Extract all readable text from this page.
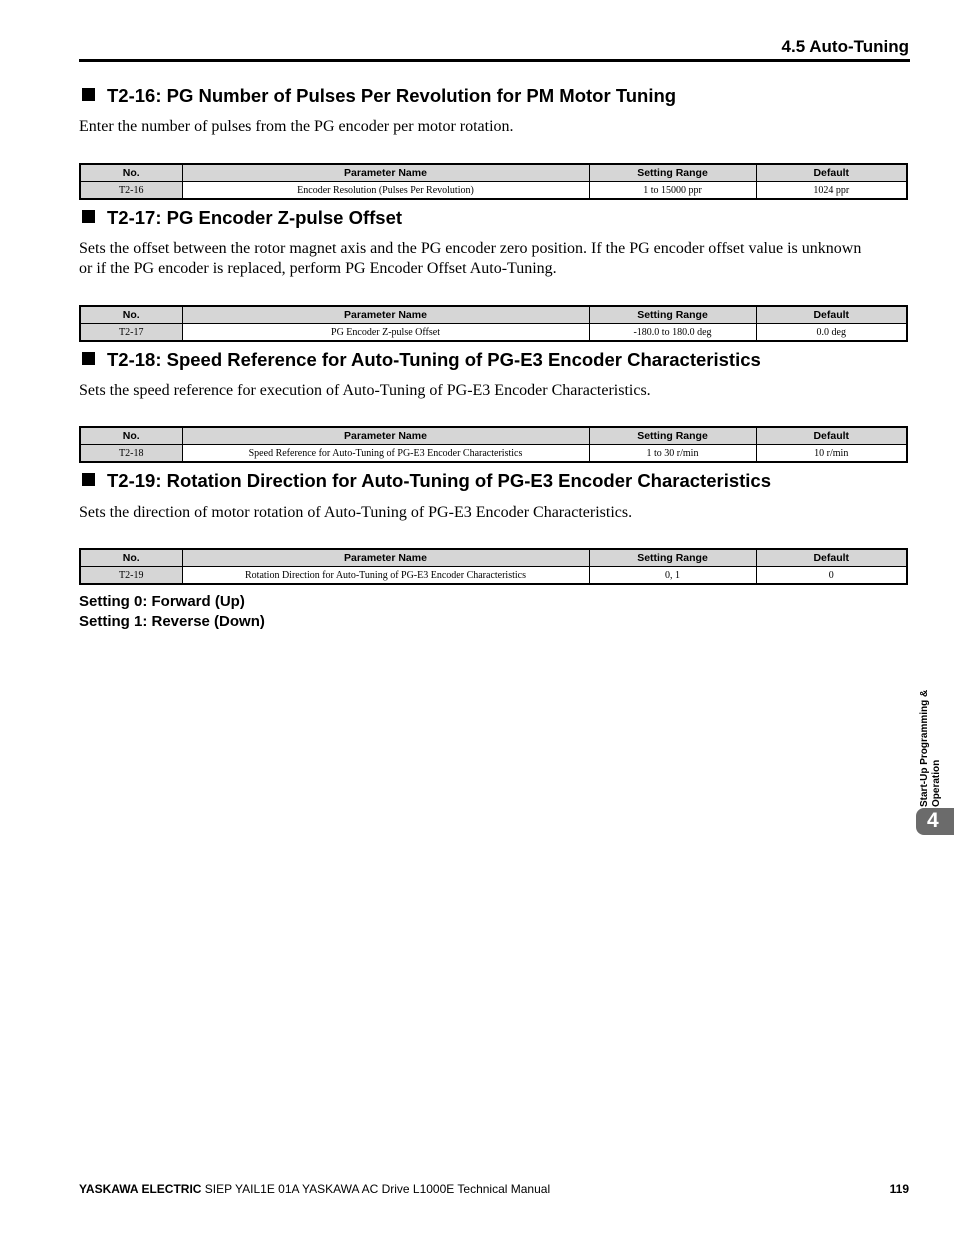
4.5 Auto-Tuning
T2-16: PG Number of Pulses Per Revolution for PM Motor Tuning
Enter the number of pulses from the PG encoder per motor rotation.
No.	Parameter Name	Setting Range	Default
T2-16	Encoder Resolution (Pulses Per Revolution)	1 to 15000 ppr	1024 ppr
T2-17: PG Encoder Z-pulse Offset
Sets the offset between the rotor magnet axis and the PG encoder zero position. If the PG encoder offset value is unknown
or if the PG encoder is replaced, perform PG Encoder Offset Auto-Tuning.
No.	Parameter Name	Setting Range	Default
T2-17	PG Encoder Z-pulse Offset	-180.0 to 180.0 deg	0.0 deg
T2-18: Speed Reference for Auto-Tuning of PG-E3 Encoder Characteristics
Sets the speed reference for execution of Auto-Tuning of PG-E3 Encoder Characteristics.
No.	Parameter Name	Setting Range	Default
T2-18	Speed Reference for Auto-Tuning of PG-E3 Encoder Characteristics	1 to 30 r/min	10 r/min
T2-19: Rotation Direction for Auto-Tuning of PG-E3 Encoder Characteristics
Sets the direction of motor rotation of Auto-Tuning of PG-E3 Encoder Characteristics.
No.	Parameter Name	Setting Range	Default
T2-19	Rotation Direction for Auto-Tuning of PG-E3 Encoder Characteristics	0, 1	0
Setting 0: Forward (Up)
Setting 1: Reverse (Down)
Start-Up Programming & Operation
4
YASKAWA ELECTRIC SIEP YAIL1E 01A YASKAWA AC Drive L1000E Technical Manual	119
